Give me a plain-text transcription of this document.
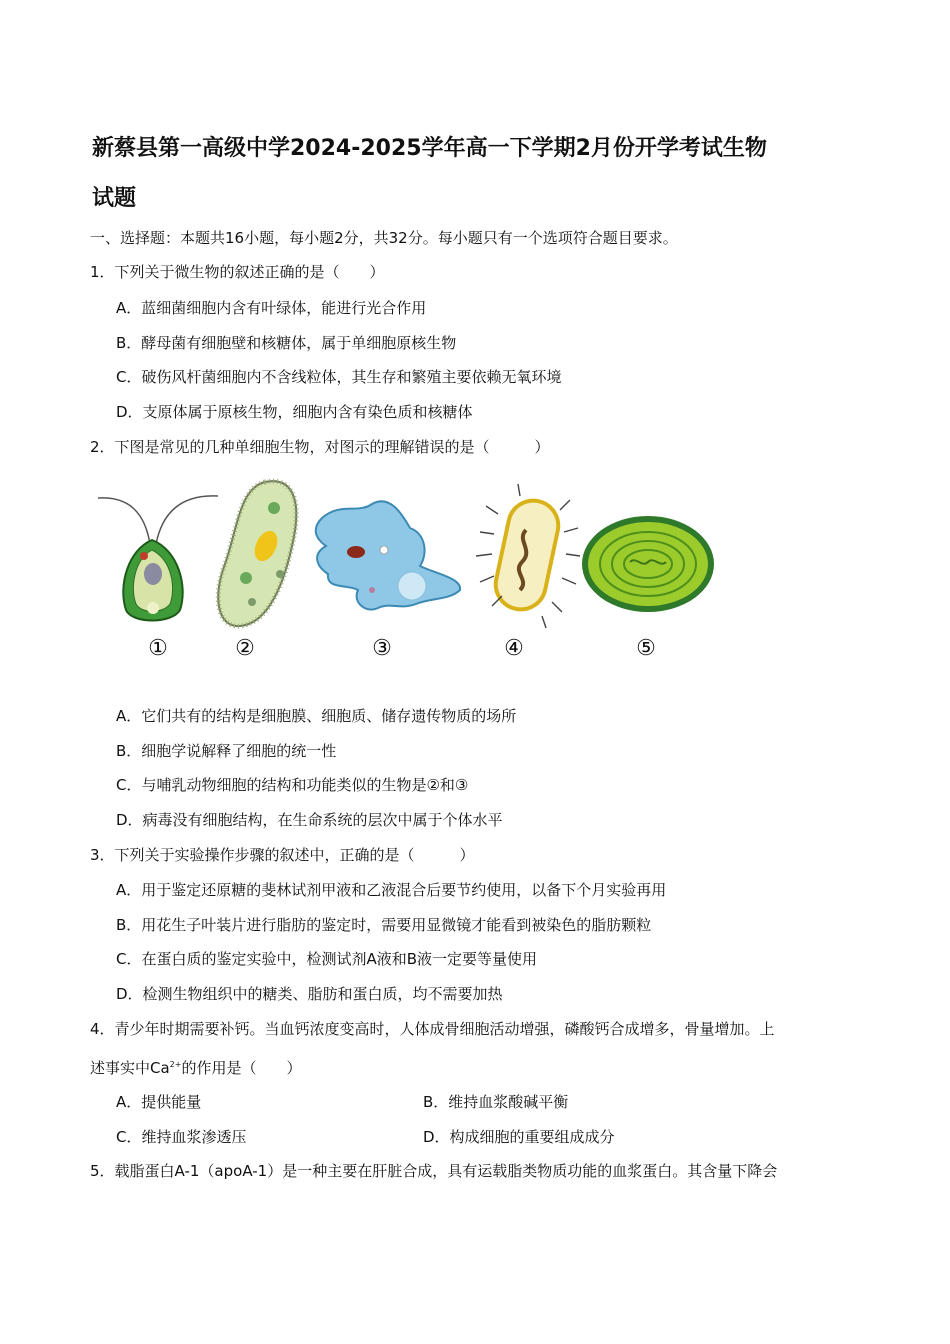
新蔡县第一高级中学2024-2025学年高一下学期2月份开学考试生物
试题
一、选择题：本题共16小题，每小题2分，共32分。每小题只有一个选项符合题目要求。
1．下列关于微生物的叙述正确的是（　　）
A．蓝细菌细胞内含有叶绿体，能进行光合作用
B．酵母菌有细胞壁和核糖体，属于单细胞原核生物
C．破伤风杆菌细胞内不含线粒体，其生存和繁殖主要依赖无氧环境
D．支原体属于原核生物，细胞内含有染色质和核糖体
2．下图是常见的几种单细胞生物，对图示的理解错误的是（　　　）
①	②	③	④	⑤
A．它们共有的结构是细胞膜、细胞质、储存遗传物质的场所
B．细胞学说解释了细胞的统一性
C．与哺乳动物细胞的结构和功能类似的生物是②和③
D．病毒没有细胞结构，在生命系统的层次中属于个体水平
3．下列关于实验操作步骤的叙述中，正确的是（　　　）
A．用于鉴定还原糖的斐林试剂甲液和乙液混合后要节约使用，以备下个月实验再用
B．用花生子叶装片进行脂肪的鉴定时，需要用显微镜才能看到被染色的脂肪颗粒
C．在蛋白质的鉴定实验中，检测试剂A液和B液一定要等量使用
D．检测生物组织中的糖类、脂肪和蛋白质，均不需要加热
4．青少年时期需要补钙。当血钙浓度变高时，人体成骨细胞活动增强，磷酸钙合成增多，骨量增加。上
述事实中$Ca^{2+}$的作用是（　　）
A．提供能量	B．维持血浆酸碱平衡
C．维持血浆渗透压	D．构成细胞的重要组成成分
5．载脂蛋白A-1（apoA-1）是一种主要在肝脏合成，具有运载脂类物质功能的血浆蛋白。其含量下降会
